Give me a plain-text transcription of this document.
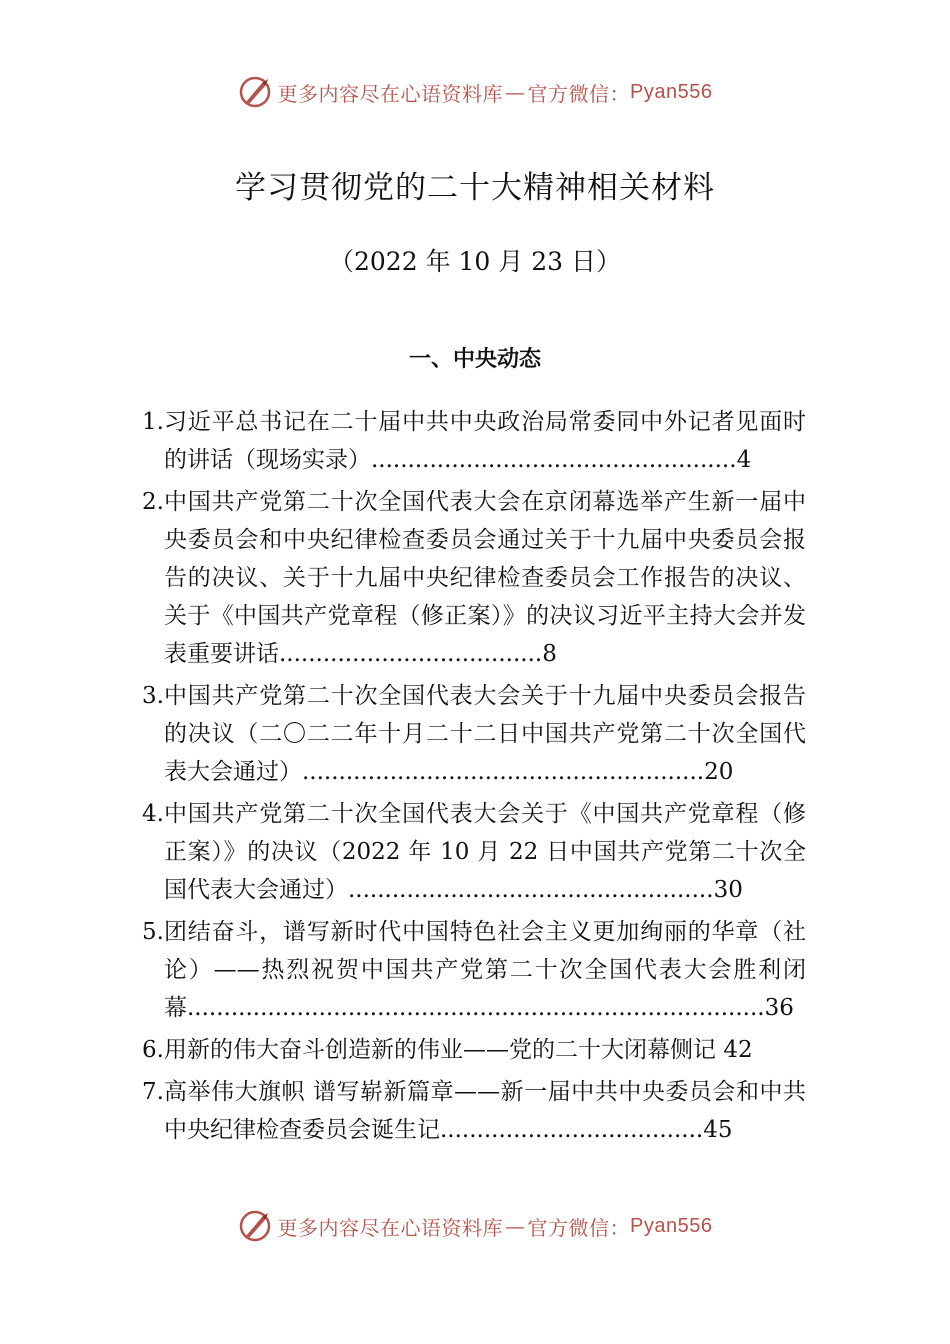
更多内容尽在心语资料库 — 官方微信： Pyan556
学习贯彻党的二十大精神相关材料
（2022 年 10 月 23 日）
一、中央动态
1. 习近平总书记在二十届中共中央政治局常委同中外记者见面时的讲话（现场实录）..................................................4
2. 中国共产党第二十次全国代表大会在京闭幕选举产生新一届中央委员会和中央纪律检查委员会通过关于十九届中央委员会报告的决议、关于十九届中央纪律检查委员会工作报告的决议、关于《中国共产党章程（修正案）》的决议习近平主持大会并发表重要讲话....................................8
3. 中国共产党第二十次全国代表大会关于十九届中央委员会报告的决议（二〇二二年十月二十二日中国共产党第二十次全国代表大会通过）.......................................................20
4. 中国共产党第二十次全国代表大会关于《中国共产党章程（修正案）》的决议（2022 年 10 月 22 日中国共产党第二十次全国代表大会通过）..................................................30
5. 团结奋斗，谱写新时代中国特色社会主义更加绚丽的华章（社论）——热烈祝贺中国共产党第二十次全国代表大会胜利闭幕...............................................................................36
6. 用新的伟大奋斗创造新的伟业——党的二十大闭幕侧记 42
7. 高举伟大旗帜 谱写崭新篇章——新一届中共中央委员会和中共中央纪律检查委员会诞生记....................................45
更多内容尽在心语资料库 — 官方微信： Pyan556
